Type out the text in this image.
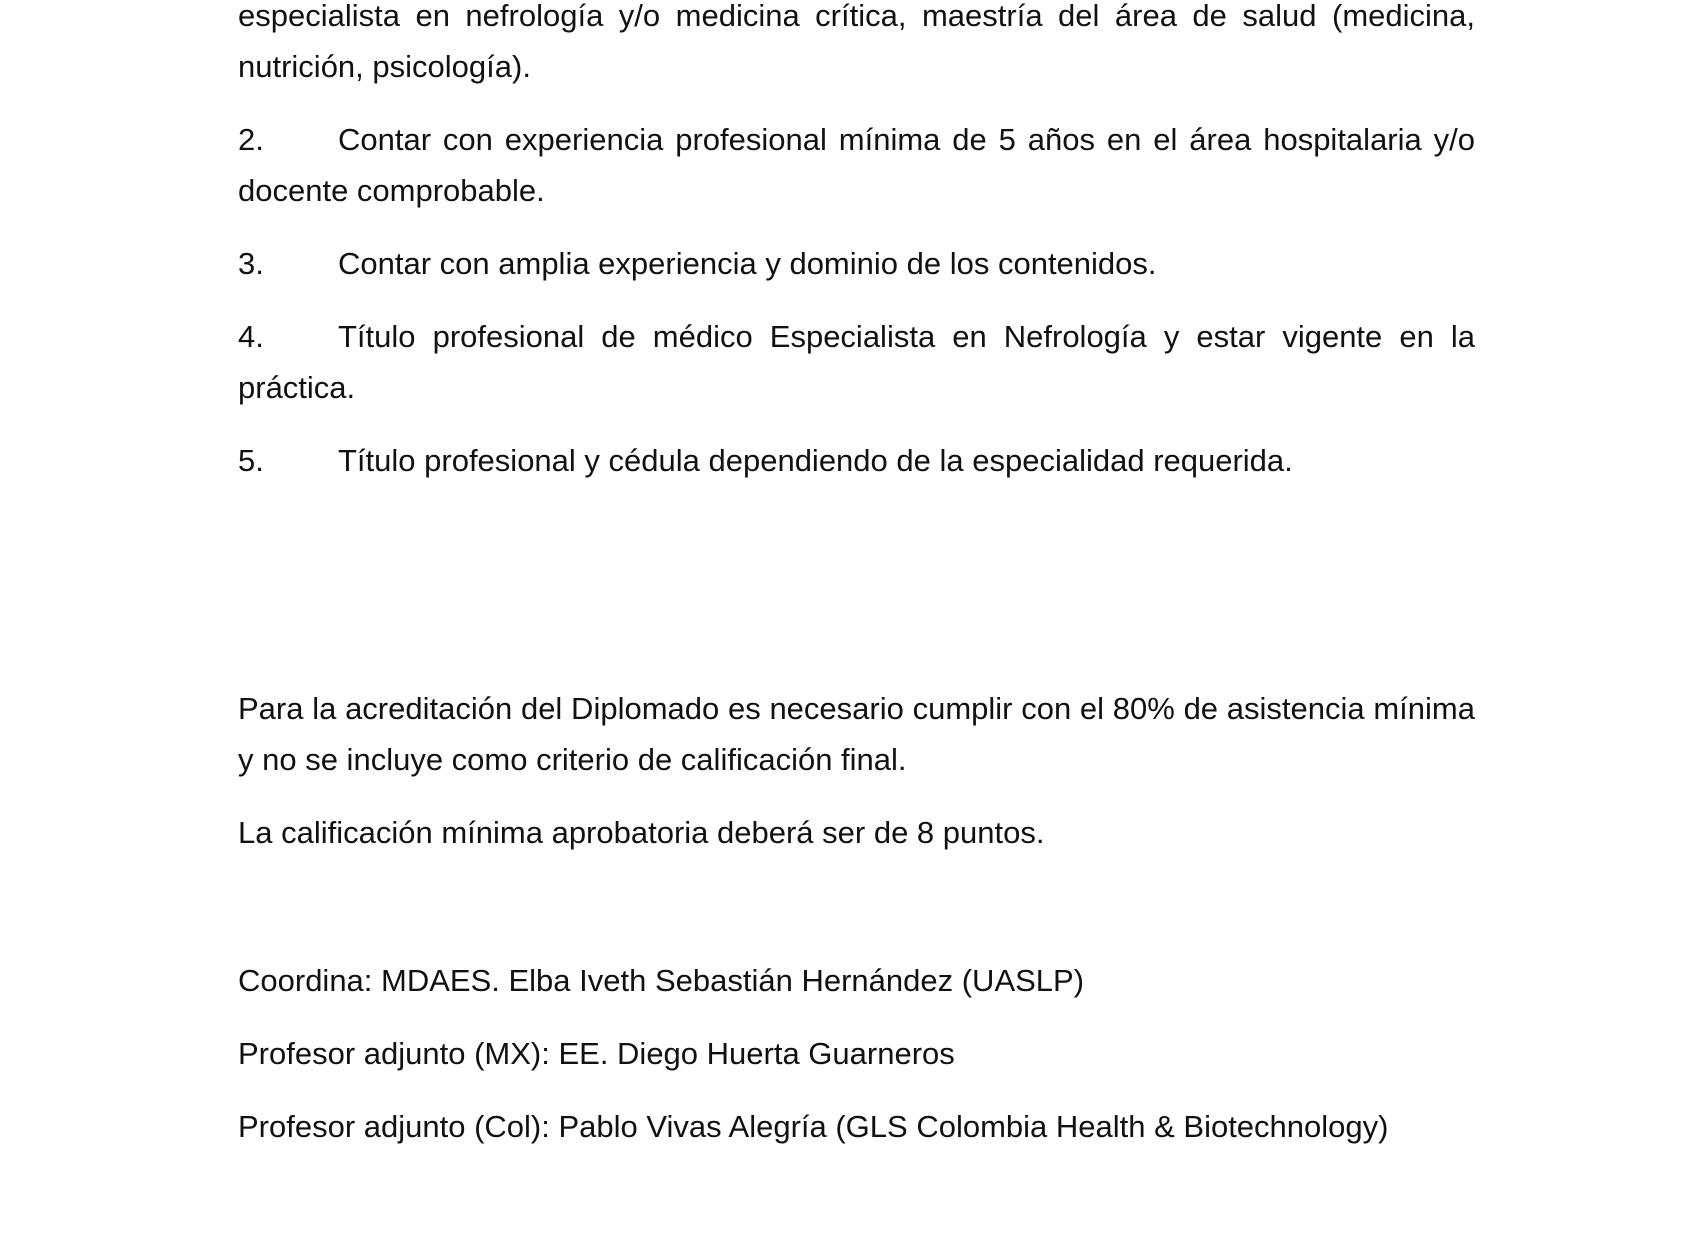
especialista en nefrología y/o medicina crítica, maestría del área de salud (medicina, nutrición, psicología).

2. Contar con experiencia profesional mínima de 5 años en el área hospitalaria y/o docente comprobable.

3. Contar con amplia experiencia y dominio de los contenidos.

4. Título profesional de médico Especialista en Nefrología y estar vigente en la práctica.

5. Título profesional y cédula dependiendo de la especialidad requerida.

Para la acreditación del Diplomado es necesario cumplir con el 80% de asistencia mínima y no se incluye como criterio de calificación final.

La calificación mínima aprobatoria deberá ser de 8 puntos.

Coordina: MDAES. Elba Iveth Sebastián Hernández (UASLP)

Profesor adjunto (MX): EE. Diego Huerta Guarneros

Profesor adjunto (Col): Pablo Vivas Alegría (GLS Colombia Health & Biotechnology)
